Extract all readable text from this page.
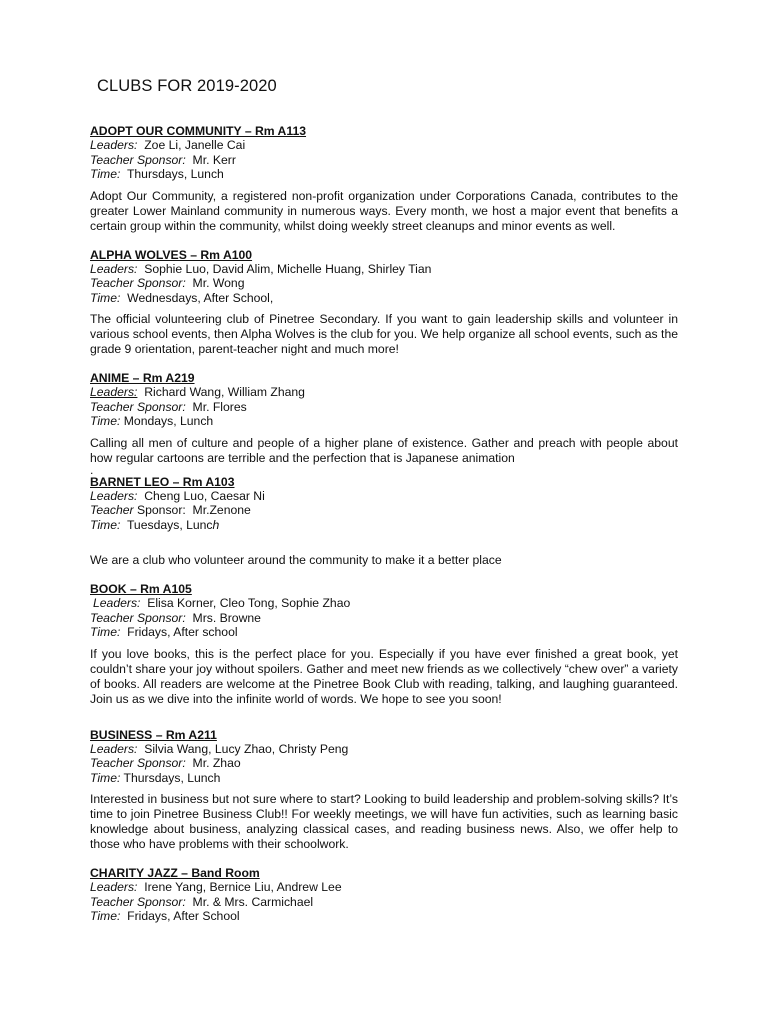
CLUBS FOR 2019-2020
ADOPT OUR COMMUNITY – Rm A113
Leaders: Zoe Li, Janelle Cai
Teacher Sponsor: Mr. Kerr
Time: Thursdays, Lunch
Adopt Our Community, a registered non-profit organization under Corporations Canada, contributes to the greater Lower Mainland community in numerous ways. Every month, we host a major event that benefits a certain group within the community, whilst doing weekly street cleanups and minor events as well.
ALPHA WOLVES – Rm A100
Leaders: Sophie Luo, David Alim, Michelle Huang, Shirley Tian
Teacher Sponsor: Mr. Wong
Time: Wednesdays, After School,
The official volunteering club of Pinetree Secondary. If you want to gain leadership skills and volunteer in various school events, then Alpha Wolves is the club for you. We help organize all school events, such as the grade 9 orientation, parent-teacher night and much more!
ANIME – Rm A219
Leaders: Richard Wang, William Zhang
Teacher Sponsor: Mr. Flores
Time: Mondays, Lunch
Calling all men of culture and people of a higher plane of existence. Gather and preach with people about how regular cartoons are terrible and the perfection that is Japanese animation
.
BARNET LEO – Rm A103
Leaders: Cheng Luo, Caesar Ni
Teacher Sponsor: Mr.Zenone
Time: Tuesdays, Lunch
We are a club who volunteer around the community to make it a better place
BOOK – Rm A105
Leaders: Elisa Korner, Cleo Tong, Sophie Zhao
Teacher Sponsor: Mrs. Browne
Time: Fridays, After school
If you love books, this is the perfect place for you. Especially if you have ever finished a great book, yet couldn’t share your joy without spoilers. Gather and meet new friends as we collectively “chew over” a variety of books. All readers are welcome at the Pinetree Book Club with reading, talking, and laughing guaranteed. Join us as we dive into the infinite world of words. We hope to see you soon!
BUSINESS – Rm A211
Leaders: Silvia Wang, Lucy Zhao, Christy Peng
Teacher Sponsor: Mr. Zhao
Time: Thursdays, Lunch
Interested in business but not sure where to start? Looking to build leadership and problem-solving skills? It’s time to join Pinetree Business Club!! For weekly meetings, we will have fun activities, such as learning basic knowledge about business, analyzing classical cases, and reading business news. Also, we offer help to those who have problems with their schoolwork.
CHARITY JAZZ – Band Room
Leaders: Irene Yang, Bernice Liu, Andrew Lee
Teacher Sponsor: Mr. & Mrs. Carmichael
Time: Fridays, After School
